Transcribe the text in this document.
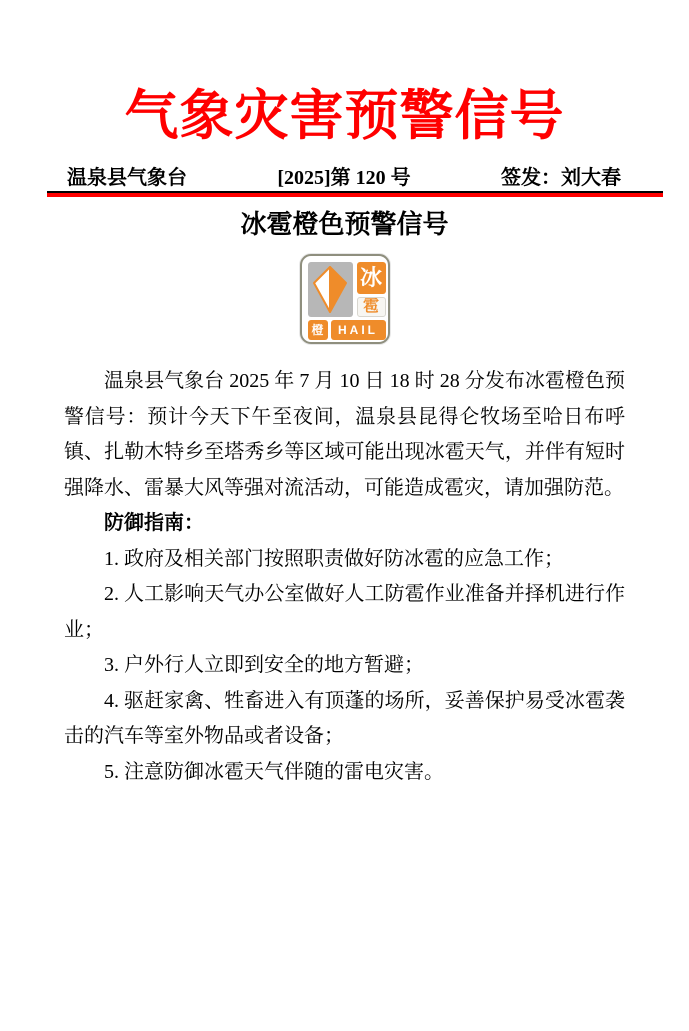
气象灾害预警信号
温泉县气象台	[2025]第 120 号	签发：刘大春
冰雹橙色预警信号
冰
雹
橙	HAIL

温泉县气象台 2025 年 7 月 10 日 18 时 28 分发布冰雹橙色预警信号：预计今天下午至夜间，温泉县昆得仑牧场至哈日布呼镇、扎勒木特乡至塔秀乡等区域可能出现冰雹天气，并伴有短时强降水、雷暴大风等强对流活动，可能造成雹灾，请加强防范。

防御指南：

1. 政府及相关部门按照职责做好防冰雹的应急工作；

2. 人工影响天气办公室做好人工防雹作业准备并择机进行作业；

3. 户外行人立即到安全的地方暂避；

4. 驱赶家禽、牲畜进入有顶蓬的场所，妥善保护易受冰雹袭击的汽车等室外物品或者设备；

5. 注意防御冰雹天气伴随的雷电灾害。
